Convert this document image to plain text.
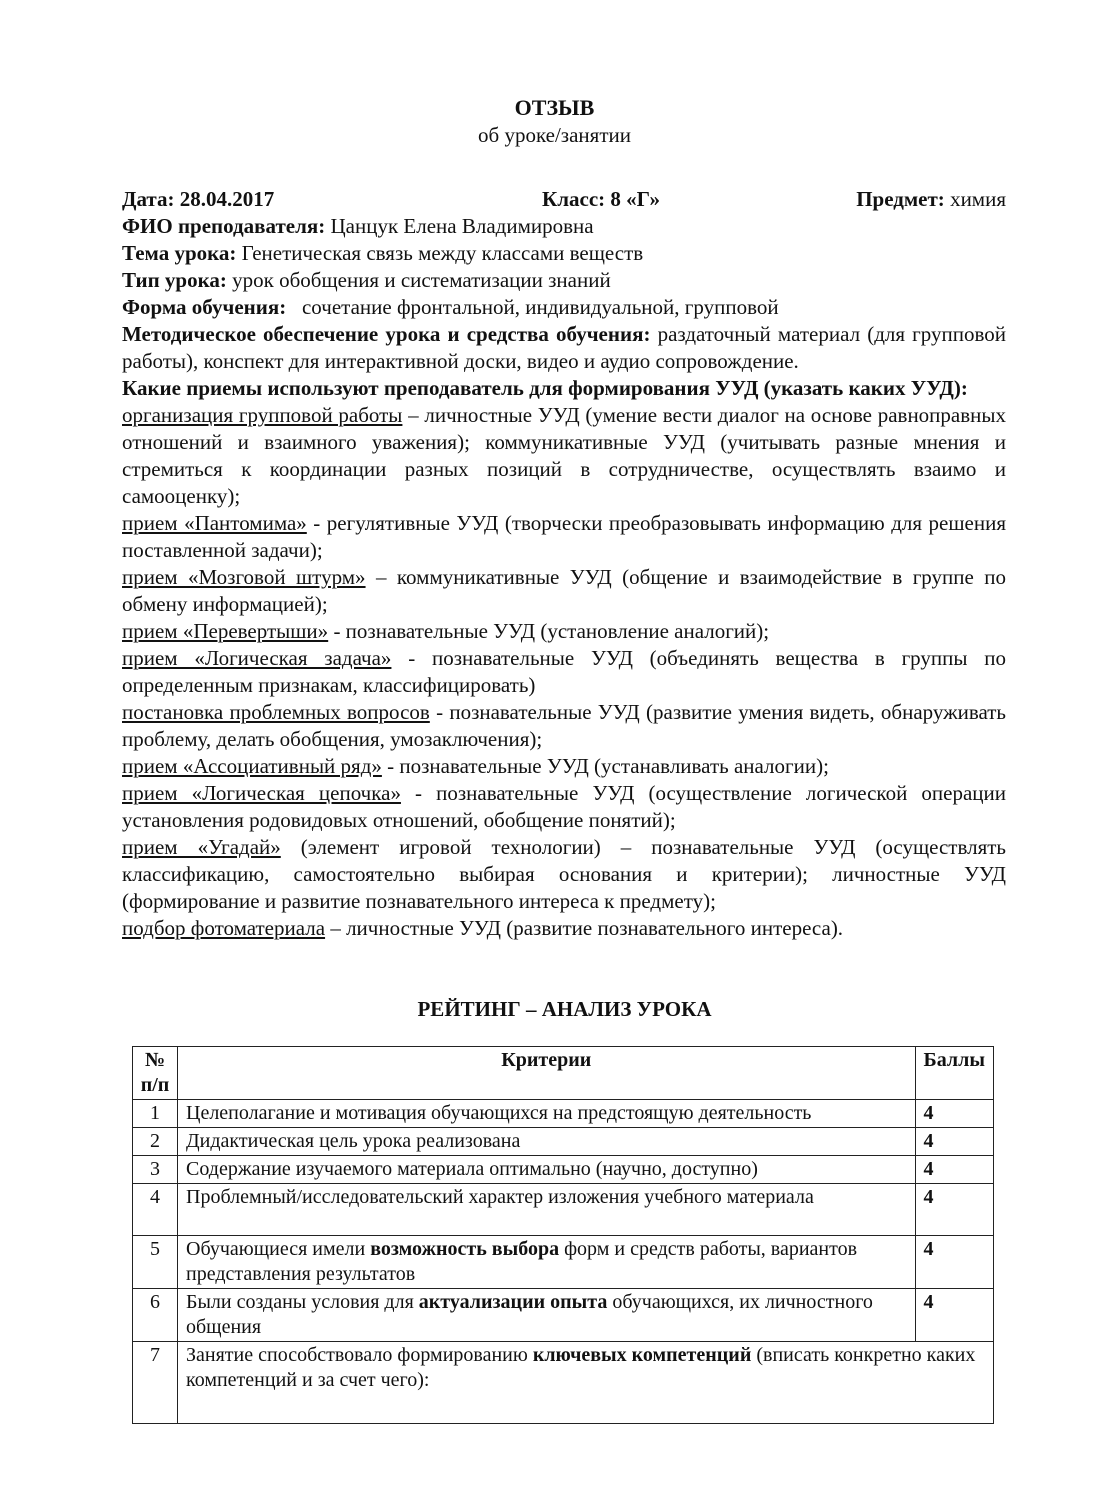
ОТЗЫВ
об уроке/занятии
Дата: 28.04.2017	Класс: 8 «Г»	Предмет: химия

ФИО преподавателя: Цанцук Елена Владимировна

Тема урока: Генетическая связь между классами веществ

Тип урока: урок обобщения и систематизации знаний

Форма обучения: сочетание фронтальной, индивидуальной, групповой

Методическое обеспечение урока и средства обучения: раздаточный материал (для групповой работы), конспект для интерактивной доски, видео и аудио сопровождение.

Какие приемы используют преподаватель для формирования УУД (указать каких УУД):

организация групповой работы – личностные УУД (умение вести диалог на основе равноправных отношений и взаимного уважения); коммуникативные УУД (учитывать разные мнения и стремиться к координации разных позиций в сотрудничестве, осуществлять взаимо и самооценку);

прием «Пантомима» - регулятивные УУД (творчески преобразовывать информацию для решения поставленной задачи);

прием «Мозговой штурм» – коммуникативные УУД (общение и взаимодействие в группе по обмену информацией);

прием «Перевертыши» - познавательные УУД (установление аналогий);

прием «Логическая задача» - познавательные УУД (объединять вещества в группы по определенным признакам, классифицировать)

постановка проблемных вопросов - познавательные УУД (развитие умения видеть, обнаруживать проблему, делать обобщения, умозаключения);

прием «Ассоциативный ряд» - познавательные УУД (устанавливать аналогии);

прием «Логическая цепочка» - познавательные УУД (осуществление логической операции установления родовидовых отношений, обобщение понятий);

прием «Угадай» (элемент игровой технологии) – познавательные УУД (осуществлять классификацию, самостоятельно выбирая основания и критерии); личностные УУД (формирование и развитие познавательного интереса к предмету);

подбор фотоматериала – личностные УУД (развитие познавательного интереса).

РЕЙТИНГ – АНАЛИЗ УРОКА
№ п/п	Критерии	Баллы
1	Целеполагание и мотивация обучающихся на предстоящую деятельность	4
2	Дидактическая цель урока реализована	4
3	Содержание изучаемого материала оптимально (научно, доступно)	4
4	Проблемный/исследовательский характер изложения учебного материала	4
5	Обучающиеся имели возможность выбора форм и средств работы, вариантов представления результатов	4
6	Были созданы условия для актуализации опыта обучающихся, их личностного общения	4
7	Занятие способствовало формированию ключевых компетенций (вписать конкретно каких компетенций и за счет чего):	
